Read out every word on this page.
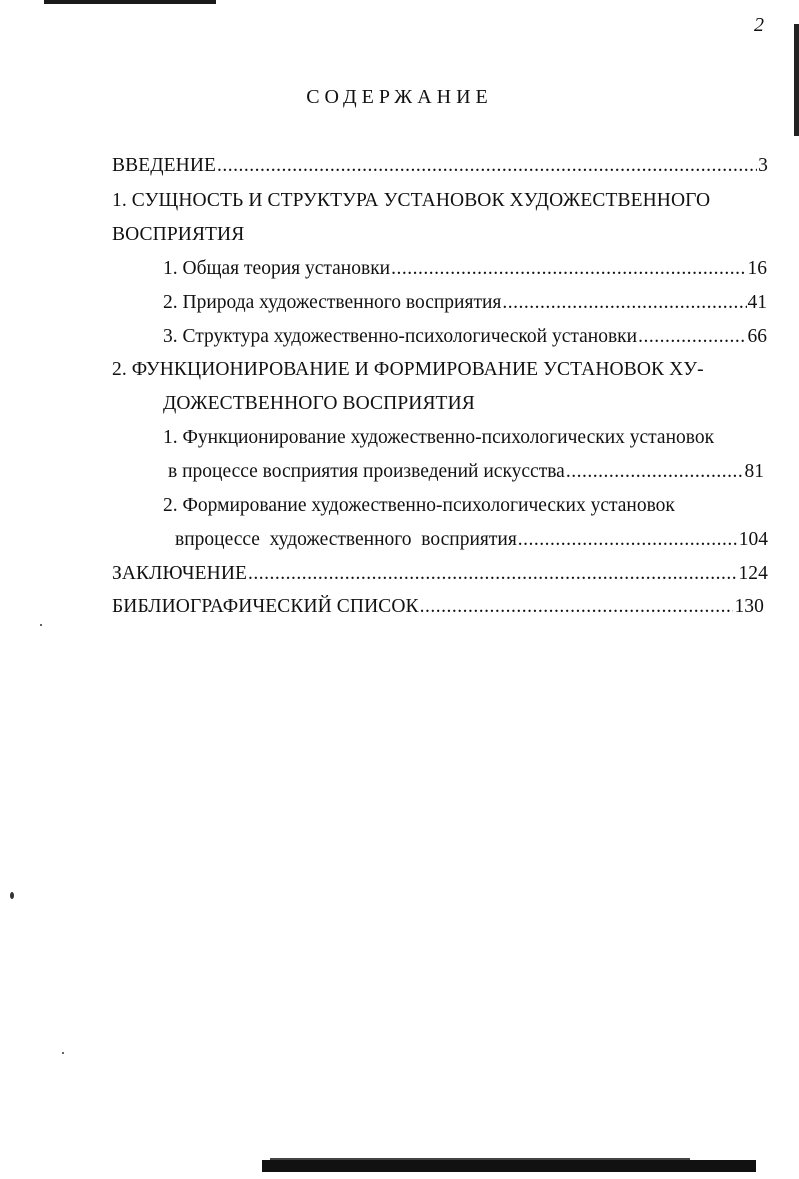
2
СОДЕРЖАНИЕ
ВВЕДЕНИЕ .....	3
1. СУЩНОСТЬ И СТРУКТУРА УСТАНОВОК ХУДОЖЕСТВЕННОГО
ВОСПРИЯТИЯ
1. Общая теория установки .....	16
2. Природа художественного восприятия .....	41
3. Структура художественно-психологической установки .....	66
2. ФУНКЦИОНИРОВАНИЕ И ФОРМИРОВАНИЕ УСТАНОВОК ХУ-
ДОЖЕСТВЕННОГО ВОСПРИЯТИЯ
1. Функционирование художественно-психологических установок
в процессе восприятия произведений искусства .....	81
2. Формирование художественно-психологических установок
впроцессе  художественного  восприятия .....	104
ЗАКЛЮЧЕНИЕ .....	124
БИБЛИОГРАФИЧЕСКИЙ СПИСОК .....	130
